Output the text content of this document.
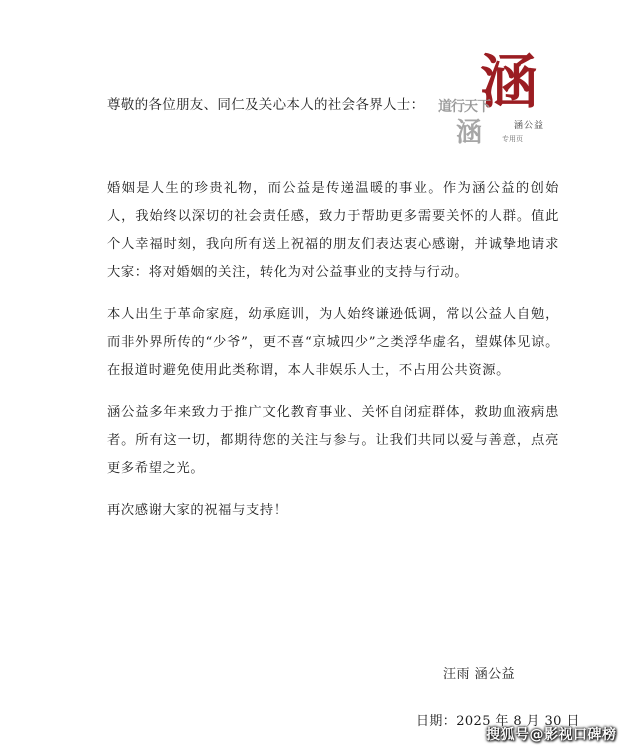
涵
道行天下
涵	涵公益
专用页

尊敬的各位朋友、同仁及关心本人的社会各界人士：

婚姻是人生的珍贵礼物，而公益是传递温暖的事业。作为涵公益的创始人，我始终以深切的社会责任感，致力于帮助更多需要关怀的人群。值此个人幸福时刻，我向所有送上祝福的朋友们表达衷心感谢，并诚挚地请求大家：将对婚姻的关注，转化为对公益事业的支持与行动。

本人出生于革命家庭，幼承庭训，为人始终谦逊低调，常以公益人自勉，而非外界所传的“少爷”，更不喜“京城四少”之类浮华虚名，望媒体见谅。在报道时避免使用此类称谓，本人非娱乐人士，不占用公共资源。

涵公益多年来致力于推广文化教育事业、关怀自闭症群体，救助血液病患者。所有这一切，都期待您的关注与参与。让我们共同以爱与善意，点亮更多希望之光。

再次感谢大家的祝福与支持！

汪雨 涵公益
日期：2025 年 8 月 30 日
搜狐号@影视口碑榜
